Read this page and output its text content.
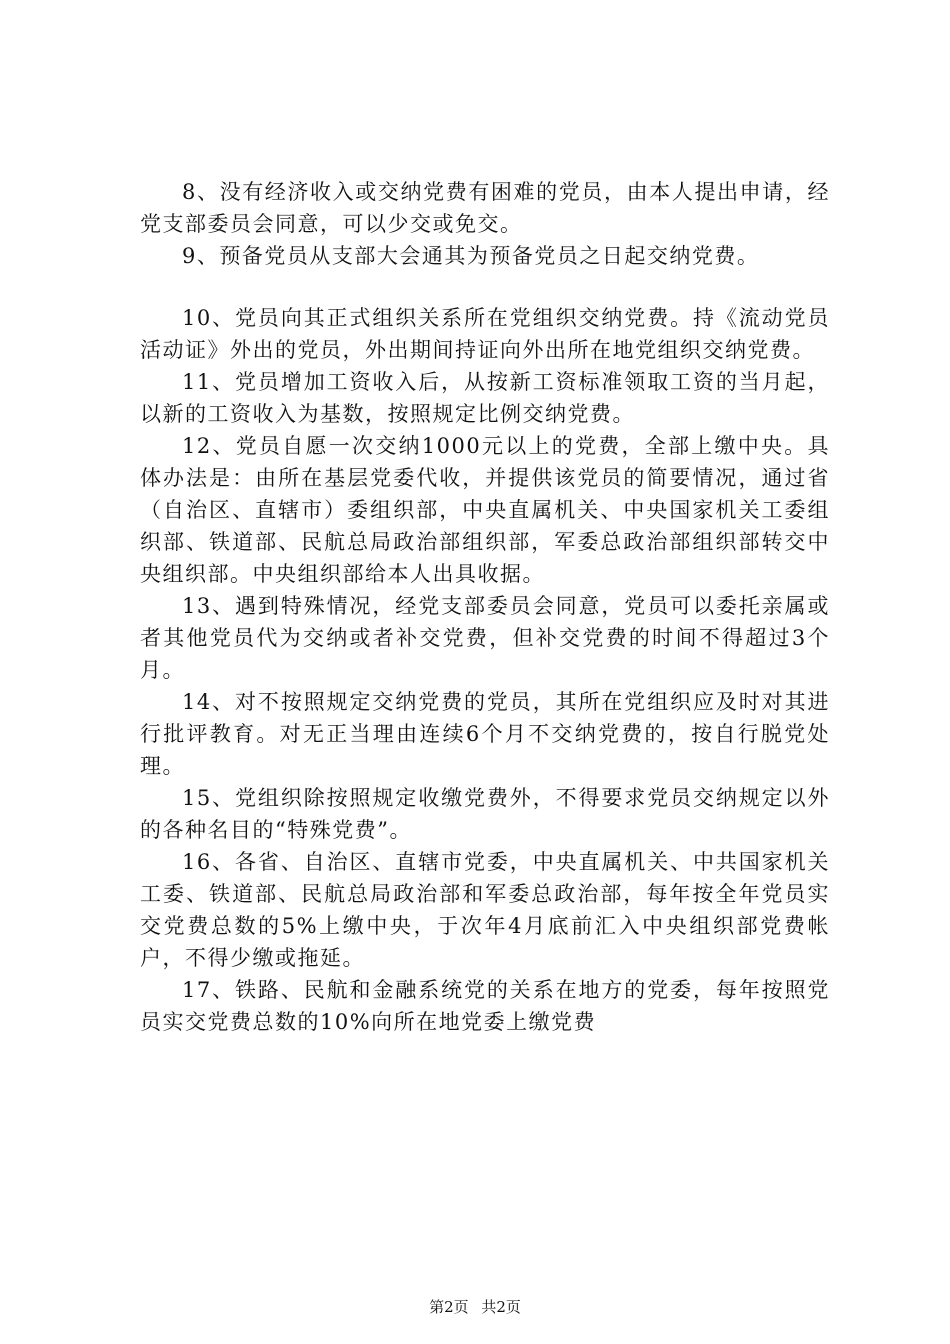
8、没有经济收入或交纳党费有困难的党员，由本人提出申请，经党支部委员会同意，可以少交或免交。

9、预备党员从支部大会通其为预备党员之日起交纳党费。

10、党员向其正式组织关系所在党组织交纳党费。持《流动党员活动证》外出的党员，外出期间持证向外出所在地党组织交纳党费。

11、党员增加工资收入后，从按新工资标准领取工资的当月起，以新的工资收入为基数，按照规定比例交纳党费。

12、党员自愿一次交纳1000元以上的党费，全部上缴中央。具体办法是：由所在基层党委代收，并提供该党员的简要情况，通过省（自治区、直辖市）委组织部，中央直属机关、中央国家机关工委组织部、铁道部、民航总局政治部组织部，军委总政治部组织部转交中央组织部。中央组织部给本人出具收据。

13、遇到特殊情况，经党支部委员会同意，党员可以委托亲属或者其他党员代为交纳或者补交党费，但补交党费的时间不得超过3个月。

14、对不按照规定交纳党费的党员，其所在党组织应及时对其进行批评教育。对无正当理由连续6个月不交纳党费的，按自行脱党处理。

15、党组织除按照规定收缴党费外，不得要求党员交纳规定以外的各种名目的“特殊党费”。

16、各省、自治区、直辖市党委，中央直属机关、中共国家机关工委、铁道部、民航总局政治部和军委总政治部，每年按全年党员实交党费总数的5%上缴中央，于次年4月底前汇入中央组织部党费帐户，不得少缴或拖延。

17、铁路、民航和金融系统党的关系在地方的党委，每年按照党员实交党费总数的10%向所在地党委上缴党费

第2页 共2页
